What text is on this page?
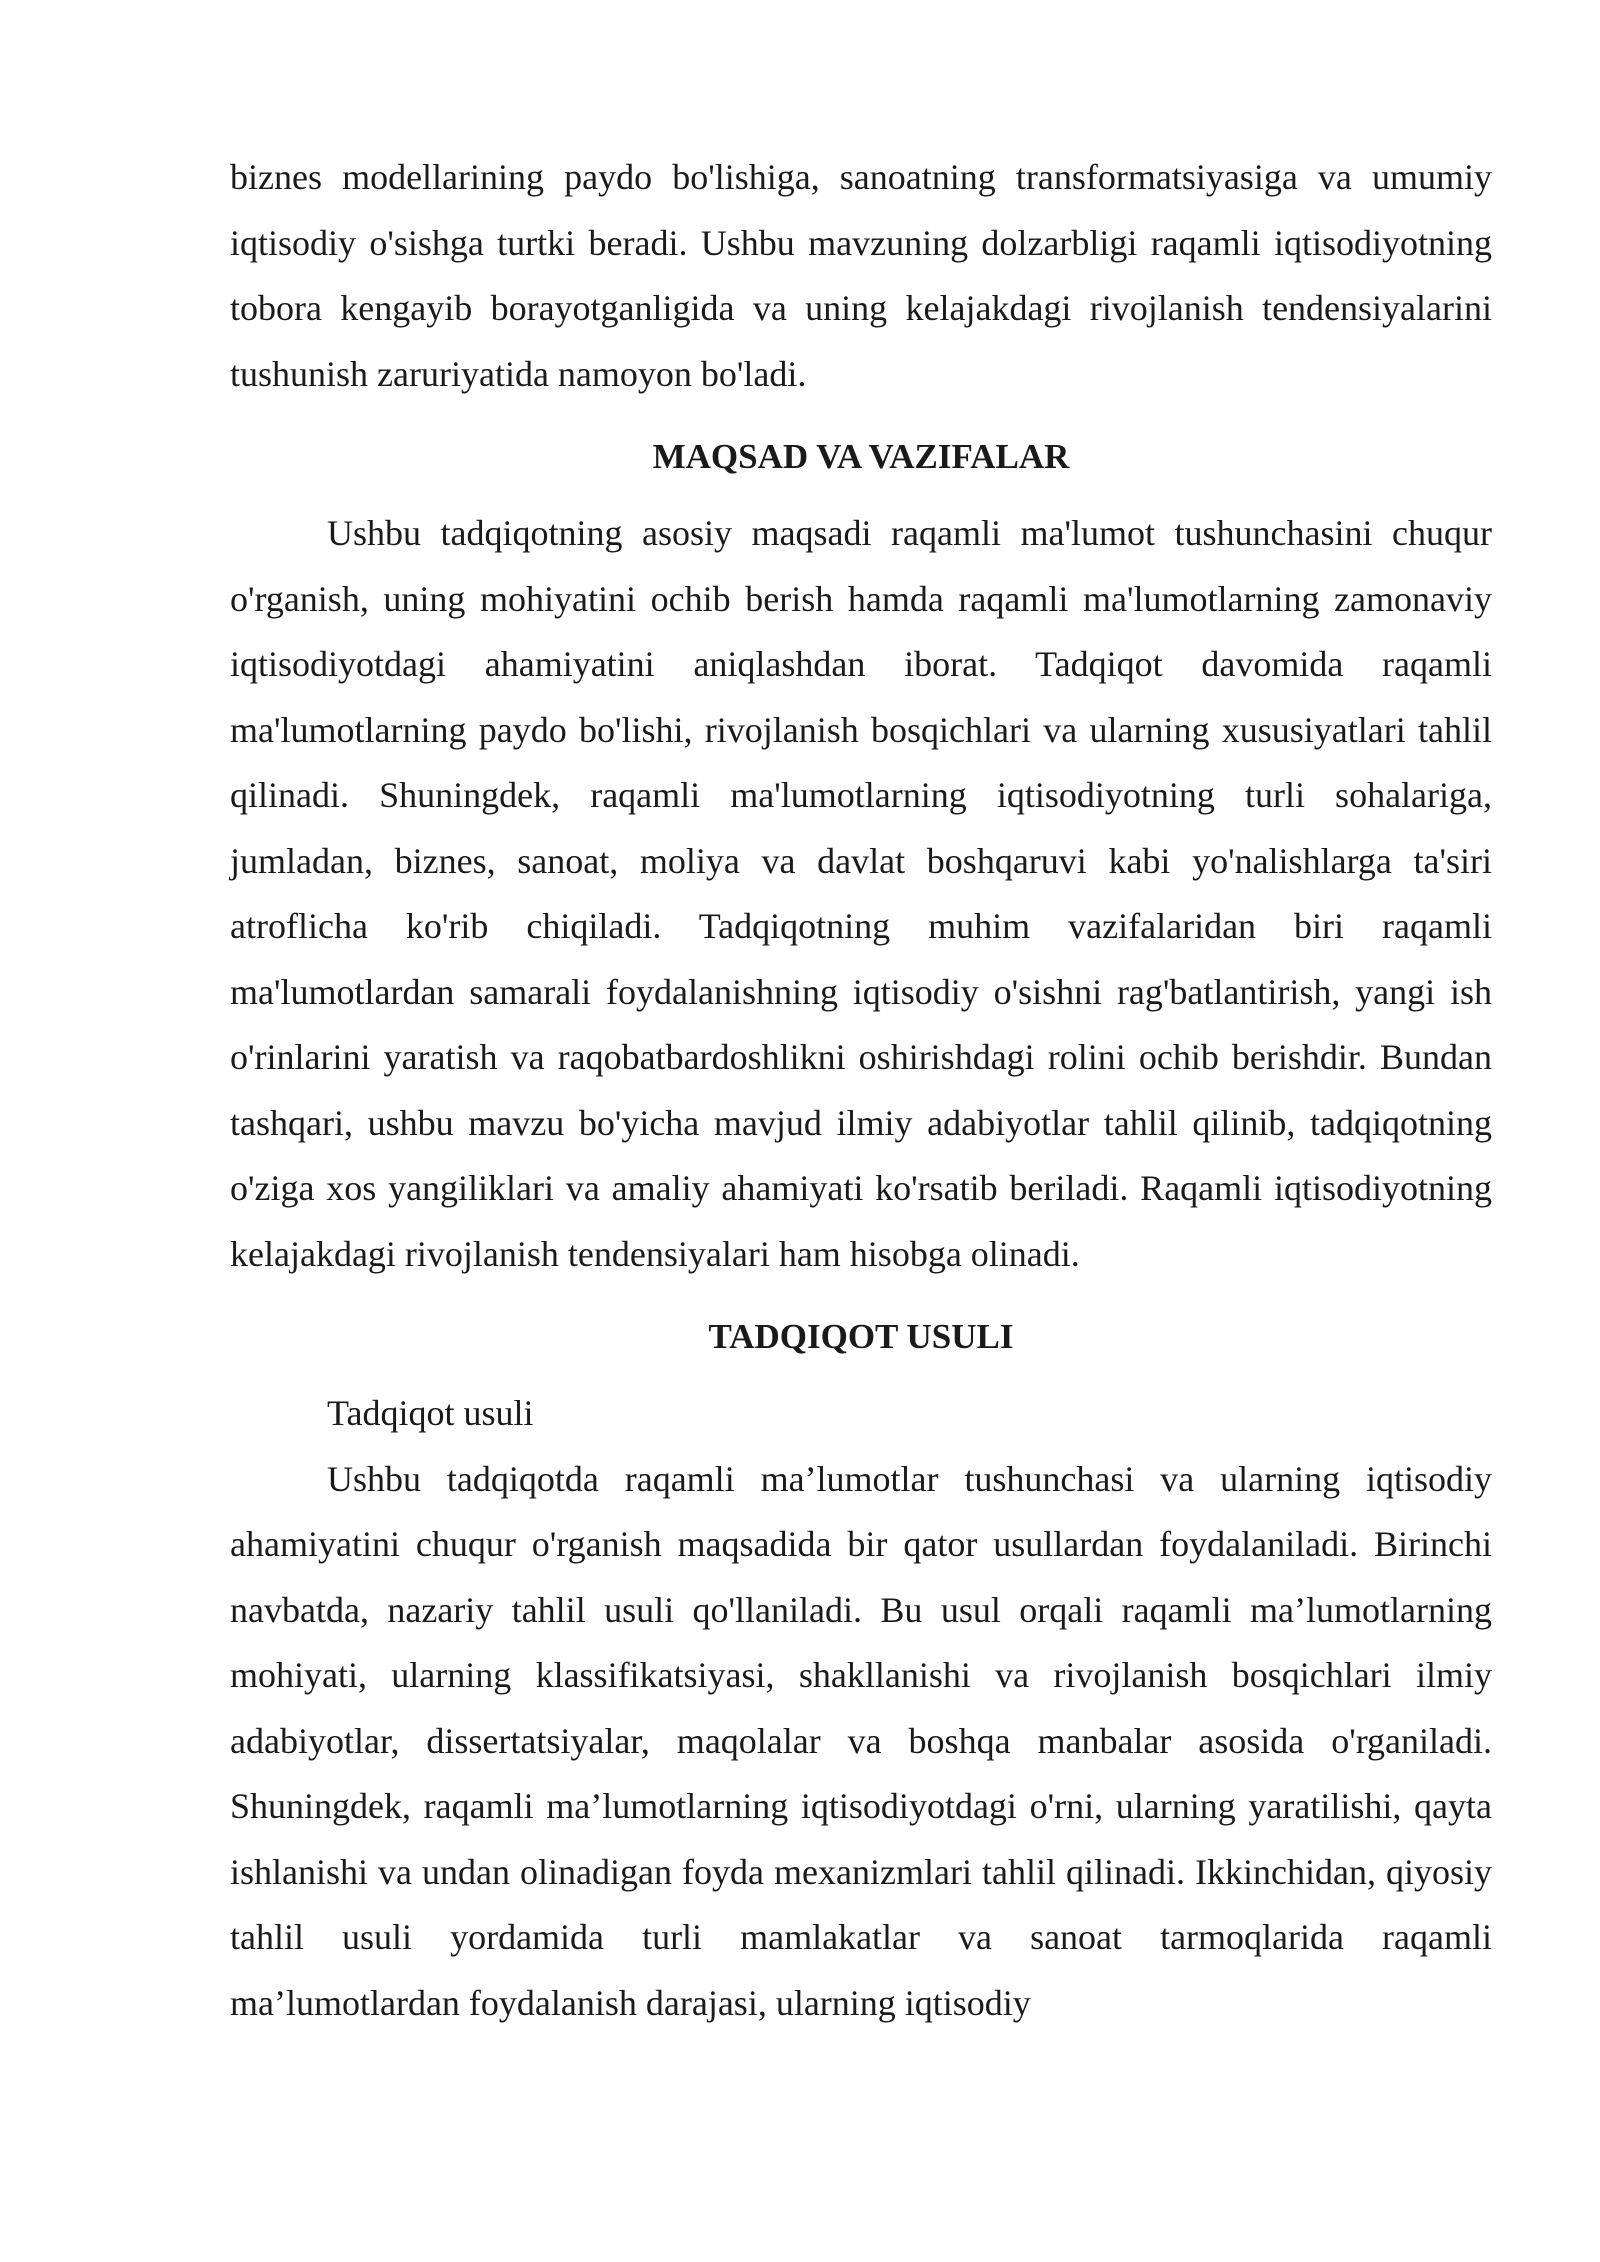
biznes modellarining paydo bo'lishiga, sanoatning transformatsiyasiga va umumiy iqtisodiy o'sishga turtki beradi. Ushbu mavzuning dolzarbligi raqamli iqtisodiyotning tobora kengayib borayotganligida va uning kelajakdagi rivojlanish tendensiyalarini tushunish zaruriyatida namoyon bo'ladi.

MAQSAD VA VAZIFALAR

Ushbu tadqiqotning asosiy maqsadi raqamli ma'lumot tushunchasini chuqur o'rganish, uning mohiyatini ochib berish hamda raqamli ma'lumotlarning zamonaviy iqtisodiyotdagi ahamiyatini aniqlashdan iborat. Tadqiqot davomida raqamli ma'lumotlarning paydo bo'lishi, rivojlanish bosqichlari va ularning xususiyatlari tahlil qilinadi. Shuningdek, raqamli ma'lumotlarning iqtisodiyotning turli sohalariga, jumladan, biznes, sanoat, moliya va davlat boshqaruvi kabi yo'nalishlarga ta'siri atroflicha ko'rib chiqiladi. Tadqiqotning muhim vazifalaridan biri raqamli ma'lumotlardan samarali foydalanishning iqtisodiy o'sishni rag'batlantirish, yangi ish o'rinlarini yaratish va raqobatbardoshlikni oshirishdagi rolini ochib berishdir. Bundan tashqari, ushbu mavzu bo'yicha mavjud ilmiy adabiyotlar tahlil qilinib, tadqiqotning o'ziga xos yangiliklari va amaliy ahamiyati ko'rsatib beriladi. Raqamli iqtisodiyotning kelajakdagi rivojlanish tendensiyalari ham hisobga olinadi.

TADQIQOT USULI

Tadqiqot usuli

Ushbu tadqiqotda raqamli ma’lumotlar tushunchasi va ularning iqtisodiy ahamiyatini chuqur o'rganish maqsadida bir qator usullardan foydalaniladi. Birinchi navbatda, nazariy tahlil usuli qo'llaniladi. Bu usul orqali raqamli ma’lumotlarning mohiyati, ularning klassifikatsiyasi, shakllanishi va rivojlanish bosqichlari ilmiy adabiyotlar, dissertatsiyalar, maqolalar va boshqa manbalar asosida o'rganiladi. Shuningdek, raqamli ma’lumotlarning iqtisodiyotdagi o'rni, ularning yaratilishi, qayta ishlanishi va undan olinadigan foyda mexanizmlari tahlil qilinadi. Ikkinchidan, qiyosiy tahlil usuli yordamida turli mamlakatlar va sanoat tarmoqlarida raqamli ma’lumotlardan foydalanish darajasi, ularning iqtisodiy
